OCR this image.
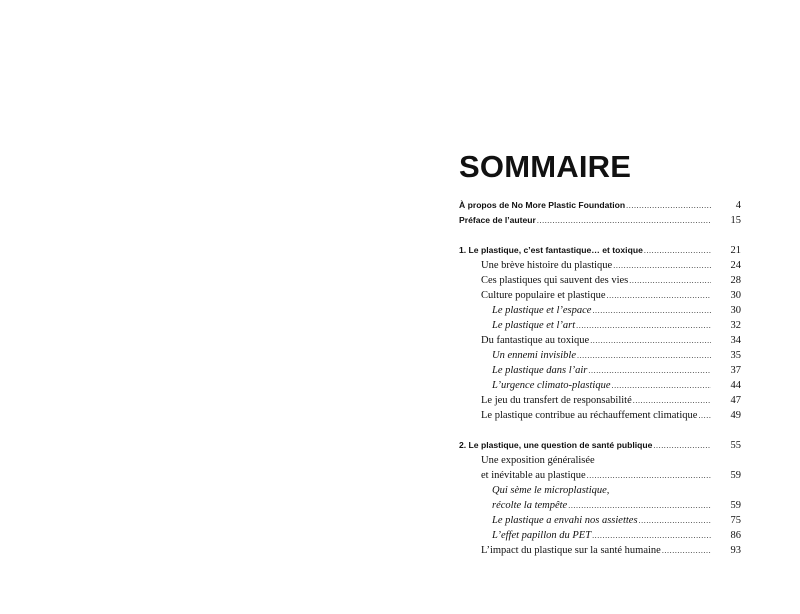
SOMMAIRE
À propos de No More Plastic Foundation .....	4
Préface de l’auteur .....	15
1. Le plastique, c’est fantastique… et toxique .....	21
Une brève histoire du plastique .....	24
Ces plastiques qui sauvent des vies .....	28
Culture populaire et plastique .....	30
Le plastique et l’espace .....	30
Le plastique et l’art .....	32
Du fantastique au toxique .....	34
Un ennemi invisible .....	35
Le plastique dans l’air .....	37
L’urgence climato-plastique .....	44
Le jeu du transfert de responsabilité .....	47
Le plastique contribue au réchauffement climatique .....	49
2. Le plastique, une question de santé publique .....	55
Une exposition généralisée
et inévitable au plastique .....	59
Qui sème le microplastique,
récolte la tempête .....	59
Le plastique a envahi nos assiettes .....	75
L’effet papillon du PET .....	86
L’impact du plastique sur la santé humaine .....	93
